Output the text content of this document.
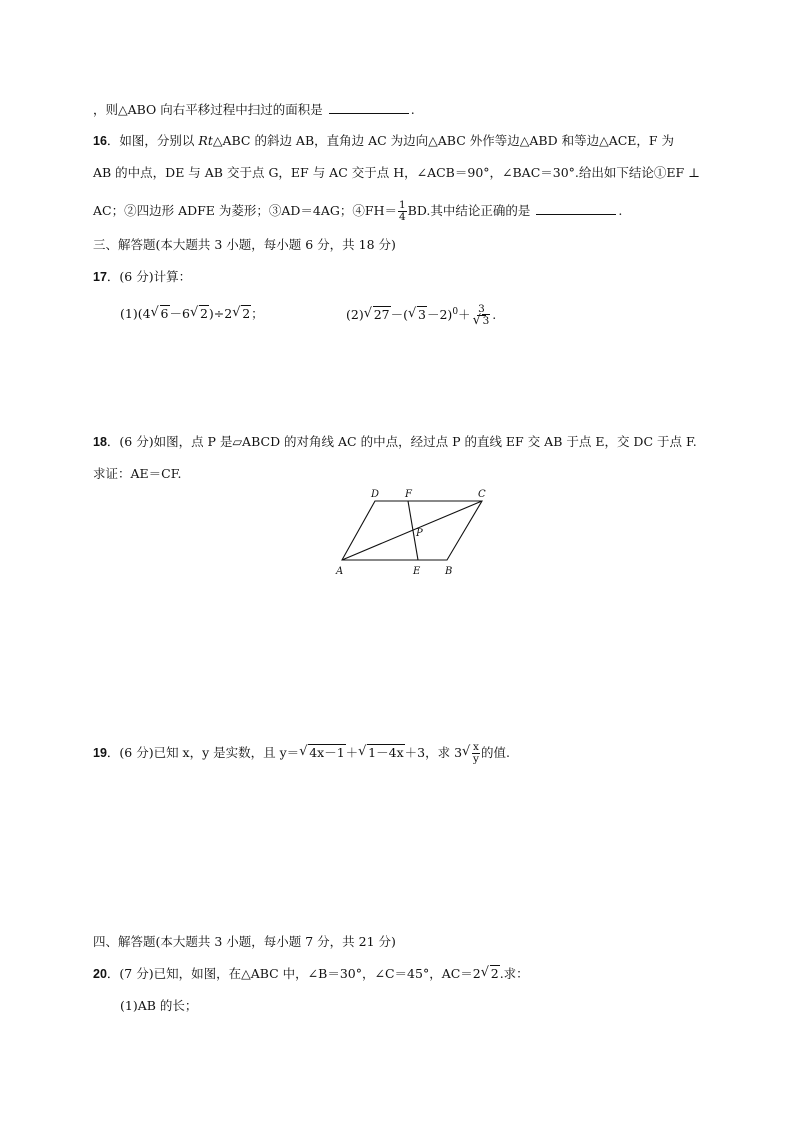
，则△ABO 向右平移过程中扫过的面积是	.
16．如图，分别以 Rt△ABC 的斜边 AB，直角边 AC 为边向△ABC 外作等边△ABD 和等边△ACE，F 为
AB 的中点，DE 与 AB 交于点 G，EF 与 AC 交于点 H，∠ACB＝90°，∠BAC＝30°.给出如下结论①EF ⊥
AC；②四边形 ADFE 为菱形；③AD＝4AG；④FH＝ $\frac{1}{4}$ BD.其中结论正确的是	.
三、解答题(本大题共 3 小题，每小题 6 分，共 18 分)
17．(6 分)计算：
(1)(4 √ 6－6 √ 2)÷2 √ 2；	(2) √ 27－( √ 3－2)$^0$＋ 3
√ 3 .
18．(6 分)如图，点 P 是▱ABCD 的对角线 AC 的中点，经过点 P 的直线 EF 交 AB 于点 E，交 DC 于点 F.
求证：AE＝CF.
D	F	C
P
A	E B
19．(6 分)已知 x，y 是实数，且 y＝ √ 4x－1＋ √ 1－4x＋3，求 3 √ $\frac{x}{y}$ 的值.
四、解答题(本大题共 3 小题，每小题 7 分，共 21 分)
20．(7 分)已知，如图，在△ABC 中，∠B＝30°，∠C＝45°，AC＝2 √ 2.求：
(1)AB 的长；
